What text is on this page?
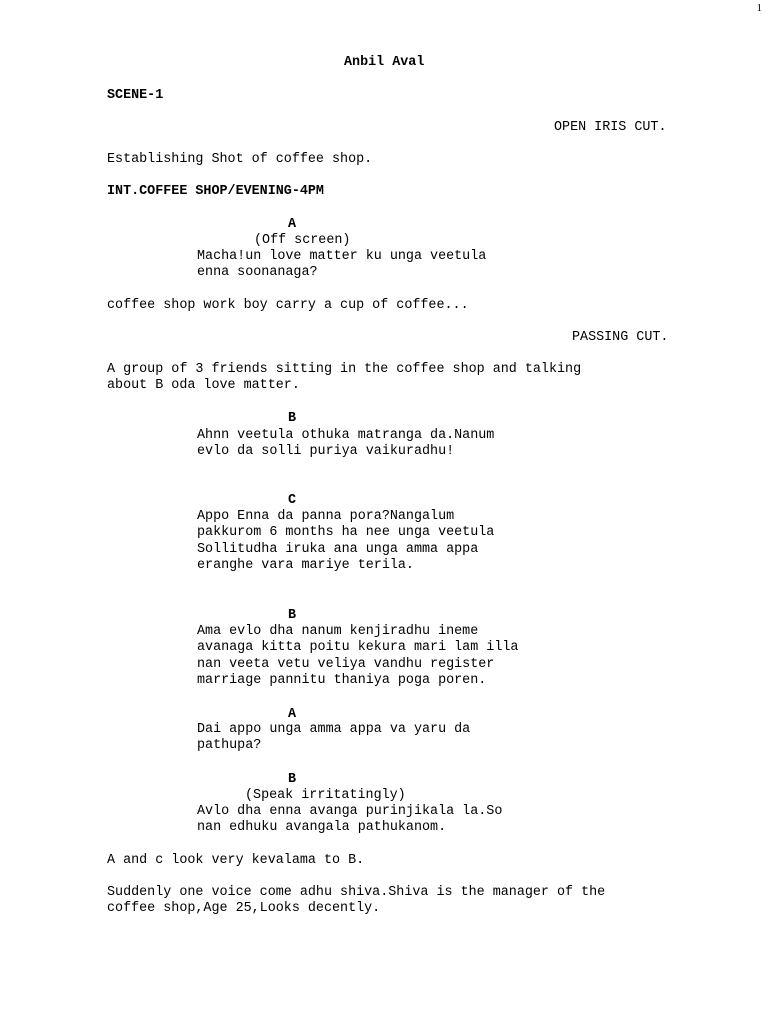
1
Anbil Aval
SCENE-1
OPEN IRIS CUT.
Establishing Shot of coffee shop.
INT.COFFEE SHOP/EVENING-4PM
A
(Off screen)
Macha!un love matter ku unga veetula
enna soonanaga?
coffee shop work boy carry a cup of coffee...
PASSING CUT.
A group of 3 friends sitting in the coffee shop and talking
about B oda love matter.
B
Ahnn veetula othuka matranga da.Nanum
evlo da solli puriya vaikuradhu!
C
Appo Enna da panna pora?Nangalum
pakkurom 6 months ha nee unga veetula
Sollitudha iruka ana unga amma appa
eranghe vara mariye terila.
B
Ama evlo dha nanum kenjiradhu ineme
avanaga kitta poitu kekura mari lam illa
nan veeta vetu veliya vandhu register
marriage pannitu thaniya poga poren.
A
Dai appo unga amma appa va yaru da
pathupa?
B
(Speak irritatingly)
Avlo dha enna avanga purinjikala la.So
nan edhuku avangala pathukanom.
A and c look very kevalama to B.
Suddenly one voice come adhu shiva.Shiva is the manager of the
coffee shop,Age 25,Looks decently.
